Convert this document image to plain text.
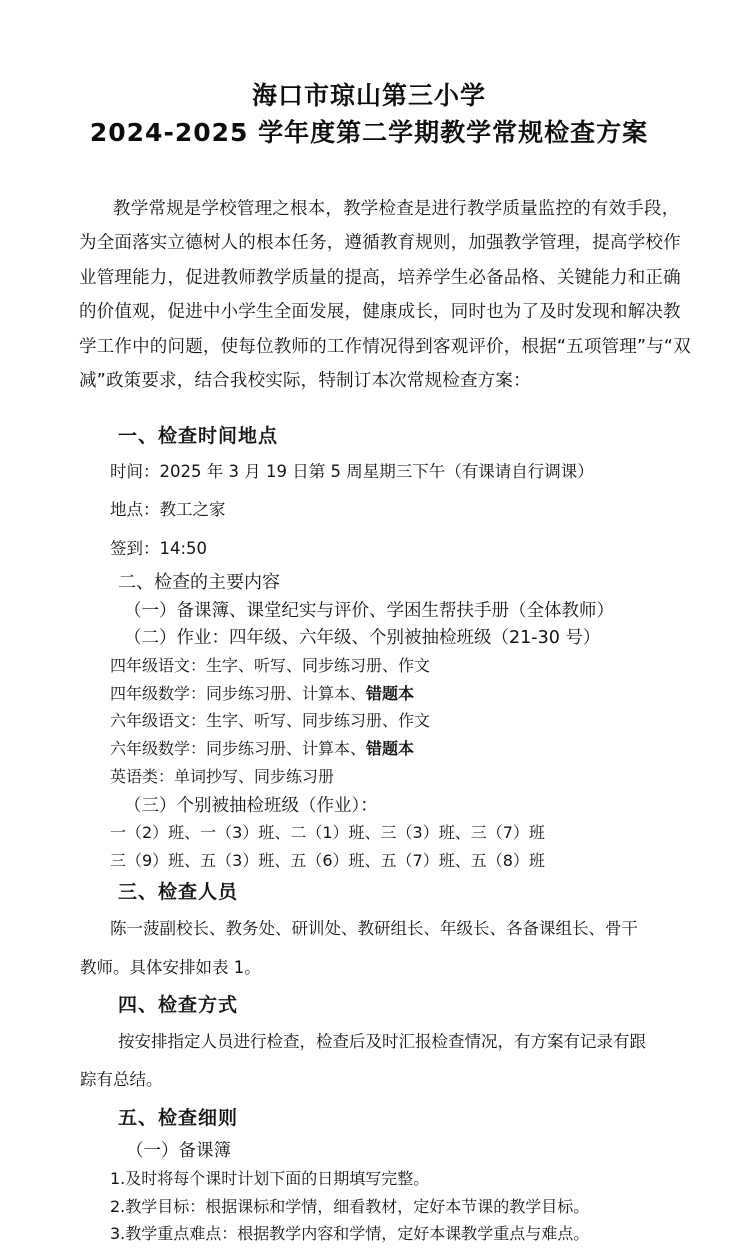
海口市琼山第三小学
2024-2025 学年度第二学期教学常规检查方案
教学常规是学校管理之根本，教学检查是进行教学质量监控的有效手段，
为全面落实立德树人的根本任务，遵循教育规则，加强教学管理，提高学校作
业管理能力，促进教师教学质量的提高，培养学生必备品格、关键能力和正确
的价值观，促进中小学生全面发展，健康成长，同时也为了及时发现和解决教
学工作中的问题，使每位教师的工作情况得到客观评价，根据“五项管理”与“双
减”政策要求，结合我校实际，特制订本次常规检查方案：
一、检查时间地点
时间：2025 年 3 月 19 日第 5 周星期三下午（有课请自行调课）
地点：教工之家
签到：14:50
二、检查的主要内容
（一）备课簿、课堂纪实与评价、学困生帮扶手册（全体教师）
（二）作业：四年级、六年级、个别被抽检班级（21-30 号）
四年级语文：生字、听写、同步练习册、作文
四年级数学：同步练习册、计算本、错题本
六年级语文：生字、听写、同步练习册、作文
六年级数学：同步练习册、计算本、错题本
英语类：单词抄写、同步练习册
（三）个别被抽检班级（作业）：
一（2）班、一（3）班、二（1）班、三（3）班、三（7）班
三（9）班、五（3）班、五（6）班、五（7）班、五（8）班
三、检查人员
陈一菠副校长、教务处、研训处、教研组长、年级长、各备课组长、骨干
教师。具体安排如表 1。
四、检查方式
按安排指定人员进行检查，检查后及时汇报检查情况，有方案有记录有跟
踪有总结。
五、检查细则
（一）备课簿
1.及时将每个课时计划下面的日期填写完整。
2.教学目标：根据课标和学情，细看教材，定好本节课的教学目标。
3.教学重点难点：根据教学内容和学情，定好本课教学重点与难点。
